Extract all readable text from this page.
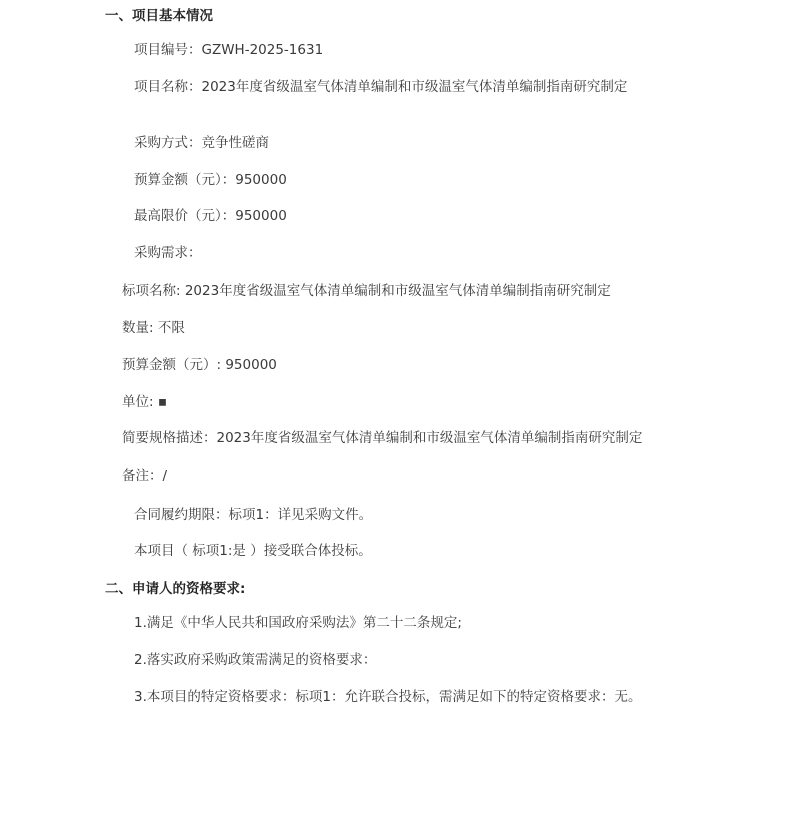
一、项目基本情况
项目编号：GZWH-2025-1631
项目名称：2023年度省级温室气体清单编制和市级温室气体清单编制指南研究制定
采购方式：竞争性磋商
预算金额（元）：950000
最高限价（元）：950000
采购需求：
标项名称: 2023年度省级温室气体清单编制和市级温室气体清单编制指南研究制定
数量: 不限
预算金额（元）: 950000
单位: ▪
简要规格描述：2023年度省级温室气体清单编制和市级温室气体清单编制指南研究制定
备注：/
合同履约期限：标项1：详见采购文件。
本项目（ 标项1:是 ）接受联合体投标。
二、申请人的资格要求:
1.满足《中华人民共和国政府采购法》第二十二条规定;
2.落实政府采购政策需满足的资格要求：
3.本项目的特定资格要求：标项1：允许联合投标，需满足如下的特定资格要求：无。
